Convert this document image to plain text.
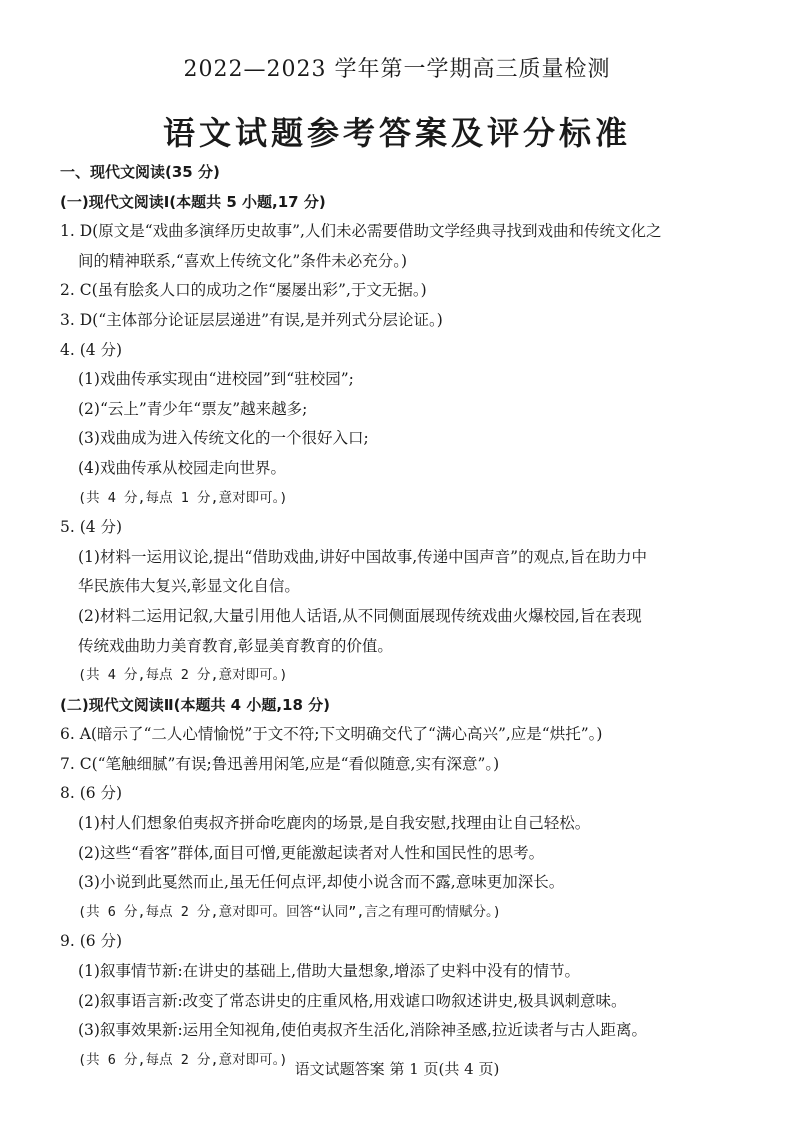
2022—2023 学年第一学期高三质量检测
语文试题参考答案及评分标准
一、现代文阅读(35 分)
(一)现代文阅读Ⅰ(本题共 5 小题,17 分)
1. D(原文是“戏曲多演绎历史故事”,人们未必需要借助文学经典寻找到戏曲和传统文化之
间的精神联系,“喜欢上传统文化”条件未必充分。)
2. C(虽有脍炙人口的成功之作“屡屡出彩”,于文无据。)
3. D(“主体部分论证层层递进”有误,是并列式分层论证。)
4. (4 分)
(1)戏曲传承实现由“进校园”到“驻校园”;
(2)“云上”青少年“票友”越来越多;
(3)戏曲成为进入传统文化的一个很好入口;
(4)戏曲传承从校园走向世界。
(共 4 分,每点 1 分,意对即可。)
5. (4 分)
(1)材料一运用议论,提出“借助戏曲,讲好中国故事,传递中国声音”的观点,旨在助力中
华民族伟大复兴,彰显文化自信。
(2)材料二运用记叙,大量引用他人话语,从不同侧面展现传统戏曲火爆校园,旨在表现
传统戏曲助力美育教育,彰显美育教育的价值。
(共 4 分,每点 2 分,意对即可。)
(二)现代文阅读Ⅱ(本题共 4 小题,18 分)
6. A(暗示了“二人心情愉悦”于文不符;下文明确交代了“满心高兴”,应是“烘托”。)
7. C(“笔触细腻”有误;鲁迅善用闲笔,应是“看似随意,实有深意”。)
8. (6 分)
(1)村人们想象伯夷叔齐拼命吃鹿肉的场景,是自我安慰,找理由让自己轻松。
(2)这些“看客”群体,面目可憎,更能激起读者对人性和国民性的思考。
(3)小说到此戛然而止,虽无任何点评,却使小说含而不露,意味更加深长。
(共 6 分,每点 2 分,意对即可。回答“认同”,言之有理可酌情赋分。)
9. (6 分)
(1)叙事情节新:在讲史的基础上,借助大量想象,增添了史料中没有的情节。
(2)叙事语言新:改变了常态讲史的庄重风格,用戏谑口吻叙述讲史,极具讽刺意味。
(3)叙事效果新:运用全知视角,使伯夷叔齐生活化,消除神圣感,拉近读者与古人距离。
(共 6 分,每点 2 分,意对即可。)
语文试题答案 第 1 页(共 4 页)
